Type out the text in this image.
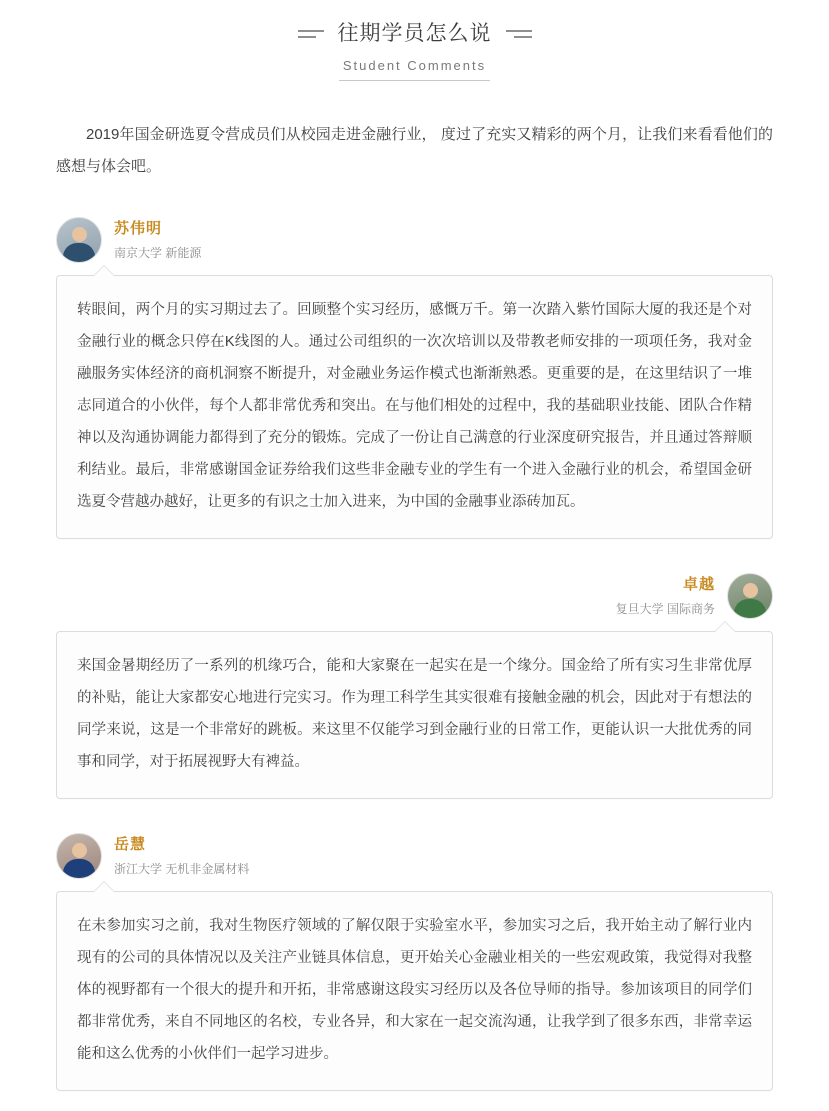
往期学员怎么说
Student Comments

2019年国金研选夏令营成员们从校园走进金融行业， 度过了充实又精彩的两个月，让我们来看看他们的感想与体会吧。

苏伟明
南京大学 新能源
转眼间，两个月的实习期过去了。回顾整个实习经历，感慨万千。第一次踏入紫竹国际大厦的我还是个对金融行业的概念只停在K线图的人。通过公司组织的一次次培训以及带教老师安排的一项项任务，我对金融服务实体经济的商机洞察不断提升，对金融业务运作模式也渐渐熟悉。更重要的是，在这里结识了一堆志同道合的小伙伴，每个人都非常优秀和突出。在与他们相处的过程中，我的基础职业技能、团队合作精神以及沟通协调能力都得到了充分的锻炼。完成了一份让自己满意的行业深度研究报告，并且通过答辩顺利结业。最后，非常感谢国金证券给我们这些非金融专业的学生有一个进入金融行业的机会，希望国金研选夏令营越办越好，让更多的有识之士加入进来，为中国的金融事业添砖加瓦。
卓越
复旦大学 国际商务
来国金暑期经历了一系列的机缘巧合，能和大家聚在一起实在是一个缘分。国金给了所有实习生非常优厚的补贴，能让大家都安心地进行完实习。作为理工科学生其实很难有接触金融的机会，因此对于有想法的同学来说，这是一个非常好的跳板。来这里不仅能学习到金融行业的日常工作，更能认识一大批优秀的同事和同学，对于拓展视野大有裨益。
岳慧
浙江大学 无机非金属材料
在未参加实习之前，我对生物医疗领域的了解仅限于实验室水平，参加实习之后，我开始主动了解行业内现有的公司的具体情况以及关注产业链具体信息，更开始关心金融业相关的一些宏观政策，我觉得对我整体的视野都有一个很大的提升和开拓，非常感谢这段实习经历以及各位导师的指导。参加该项目的同学们都非常优秀，来自不同地区的名校，专业各异，和大家在一起交流沟通，让我学到了很多东西，非常幸运能和这么优秀的小伙伴们一起学习进步。
